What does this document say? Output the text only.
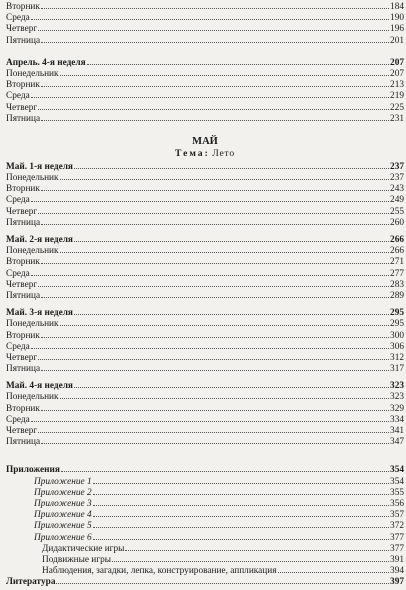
Вторник	184
Среда	190
Четверг	196
Пятница	201
Апрель. 4-я неделя	207
Понедельник	207
Вторник	213
Среда	219
Четверг	225
Пятница	231
МАЙ
Тема: Лето
Май. 1-я неделя	237
Понедельник	237
Вторник	243
Среда	249
Четверг	255
Пятница	260
Май. 2-я неделя	266
Понедельник	266
Вторник	271
Среда	277
Четверг	283
Пятница	289
Май. 3-я неделя	295
Понедельник	295
Вторник	300
Среда	306
Четверг	312
Пятница	317
Май. 4-я неделя	323
Понедельник	323
Вторник	329
Среда	334
Четверг	341
Пятница	347
Приложения	354
Приложение 1	354
Приложение 2	355
Приложение 3	356
Приложение 4	357
Приложение 5	372
Приложение 6	377
Дидактические игры	377
Подвижные игры	391
Наблюдения, загадки, лепка, конструирование, аппликация	394
Литература	397
